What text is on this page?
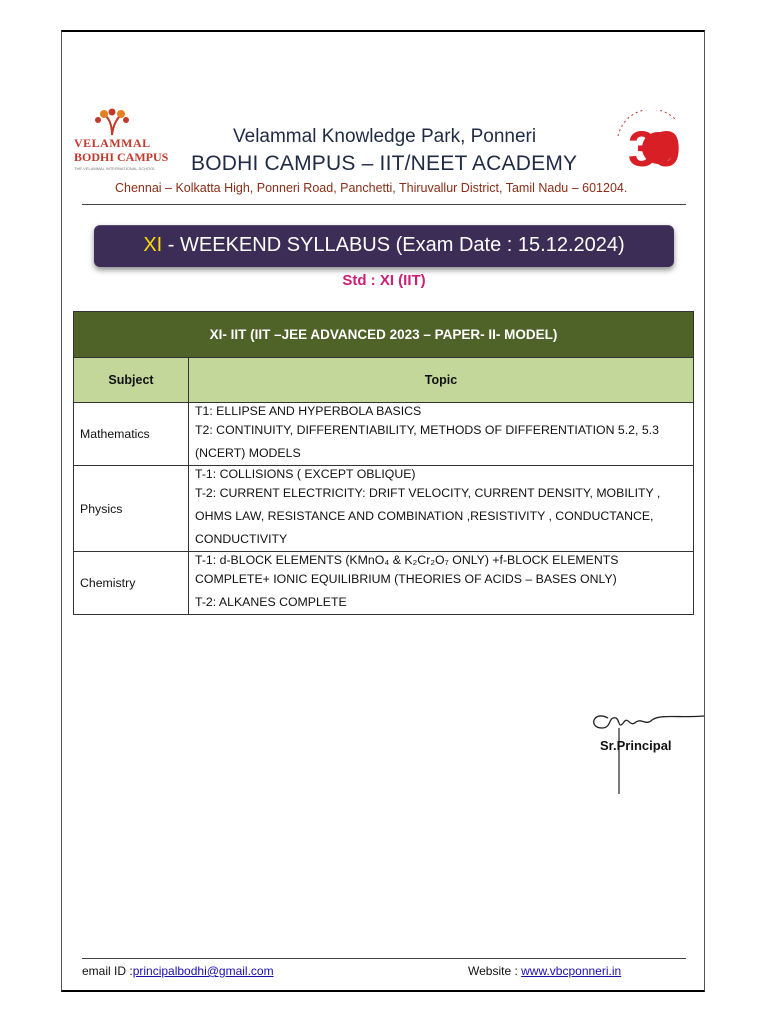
VELAMMAL
BODHI CAMPUS
THE VELAMMAL INTERNATIONAL SCHOOL	39
Velammal Knowledge Park, Ponneri
BODHI CAMPUS – IIT/NEET ACADEMY
Chennai – Kolkatta High, Ponneri Road, Panchetti, Thiruvallur District, Tamil Nadu – 601204.
XI - WEEKEND SYLLABUS (Exam Date : 15.12.2024)
Std : XI (IIT)
XI- IIT (IIT –JEE ADVANCED 2023 – PAPER- II- MODEL)	
Subject	Topic
Mathematics	T1: ELLIPSE AND HYPERBOLA BASICS
T2: CONTINUITY, DIFFERENTIABILITY, METHODS OF DIFFERENTIATION 5.2, 5.3
(NCERT) MODELS

Physics	T-1: COLLISIONS ( EXCEPT OBLIQUE)
T-2: CURRENT ELECTRICITY: DRIFT VELOCITY, CURRENT DENSITY, MOBILITY ,
OHMS LAW, RESISTANCE AND COMBINATION ,RESISTIVITY , CONDUCTANCE,
CONDUCTIVITY

Chemistry	T-1: d-BLOCK ELEMENTS (KMnO₄ & K₂Cr₂O₇ ONLY) +f-BLOCK ELEMENTS
COMPLETE+ IONIC EQUILIBRIUM (THEORIES OF ACIDS – BASES ONLY)
T-2: ALKANES COMPLETE
Sr.Principal
email ID :principalbodhi@gmail.com	Website : www.vbcponneri.in
